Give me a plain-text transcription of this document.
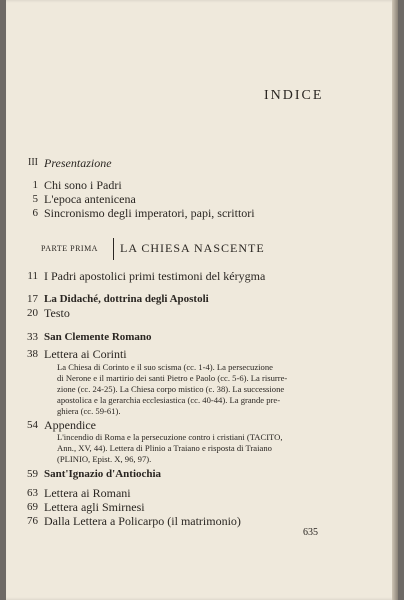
INDICE
III Presentazione
1 Chi sono i Padri
5 L'epoca antenicena
6 Sincronismo degli imperatori, papi, scrittori
PARTE PRIMA LA CHIESA NASCENTE
11 I Padri apostolici primi testimoni del kérygma
17 La Didaché, dottrina degli Apostoli
20 Testo
33 San Clemente Romano
38 Lettera ai Corinti
La Chiesa di Corinto e il suo scisma (cc. 1-4). La persecuzione
di Nerone e il martirio dei santi Pietro e Paolo (cc. 5-6). La risurre-
zione (cc. 24-25). La Chiesa corpo mistico (c. 38). La successione
apostolica e la gerarchia ecclesiastica (cc. 40-44). La grande pre-
ghiera (cc. 59-61).
54 Appendice
L'incendio di Roma e la persecuzione contro i cristiani (TACITO,
Ann., XV, 44). Lettera di Plinio a Traiano e risposta di Traiano
(PLINIO, Epist. X, 96, 97).
59 Sant'Ignazio d'Antiochia
63 Lettera ai Romani
69 Lettera agli Smirnesi
76 Dalla Lettera a Policarpo (il matrimonio)
635
